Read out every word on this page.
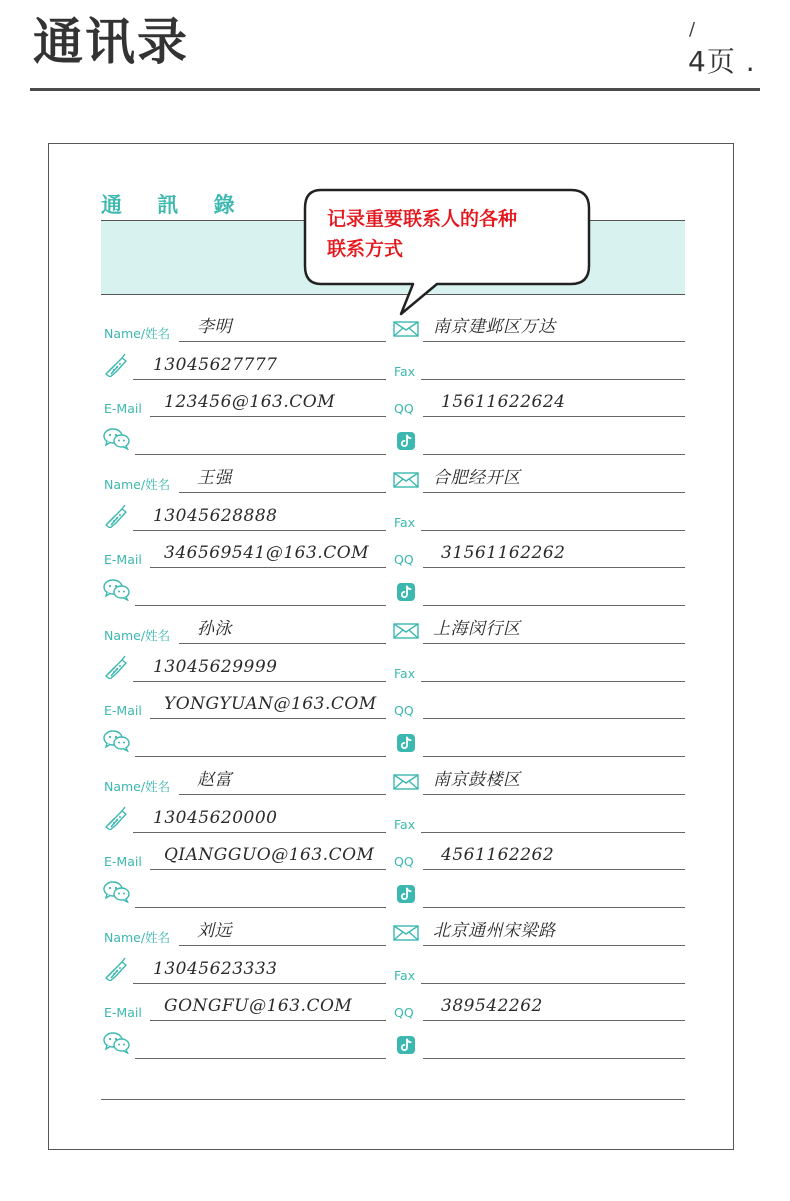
通讯录	/
4页 .
通 訊 錄
记录重要联系人的各种
联系方式
Name/姓名 李明	南京建邺区万达
13045627777	Fax
E-Mail 123456@163.COM	QQ 15611622624
Name/姓名 王强	合肥经开区
13045628888	Fax
E-Mail 346569541@163.COM QQ 31561162262
Name/姓名 孙泳	上海闵行区
13045629999	Fax
E-Mail YONGYUAN@163.COM QQ
Name/姓名 赵富	南京鼓楼区
13045620000	Fax
E-Mail QIANGGUO@163.COM QQ 4561162262
Name/姓名 刘远	北京通州宋梁路
13045623333	Fax
E-Mail GONGFU@163.COM	QQ 389542262
